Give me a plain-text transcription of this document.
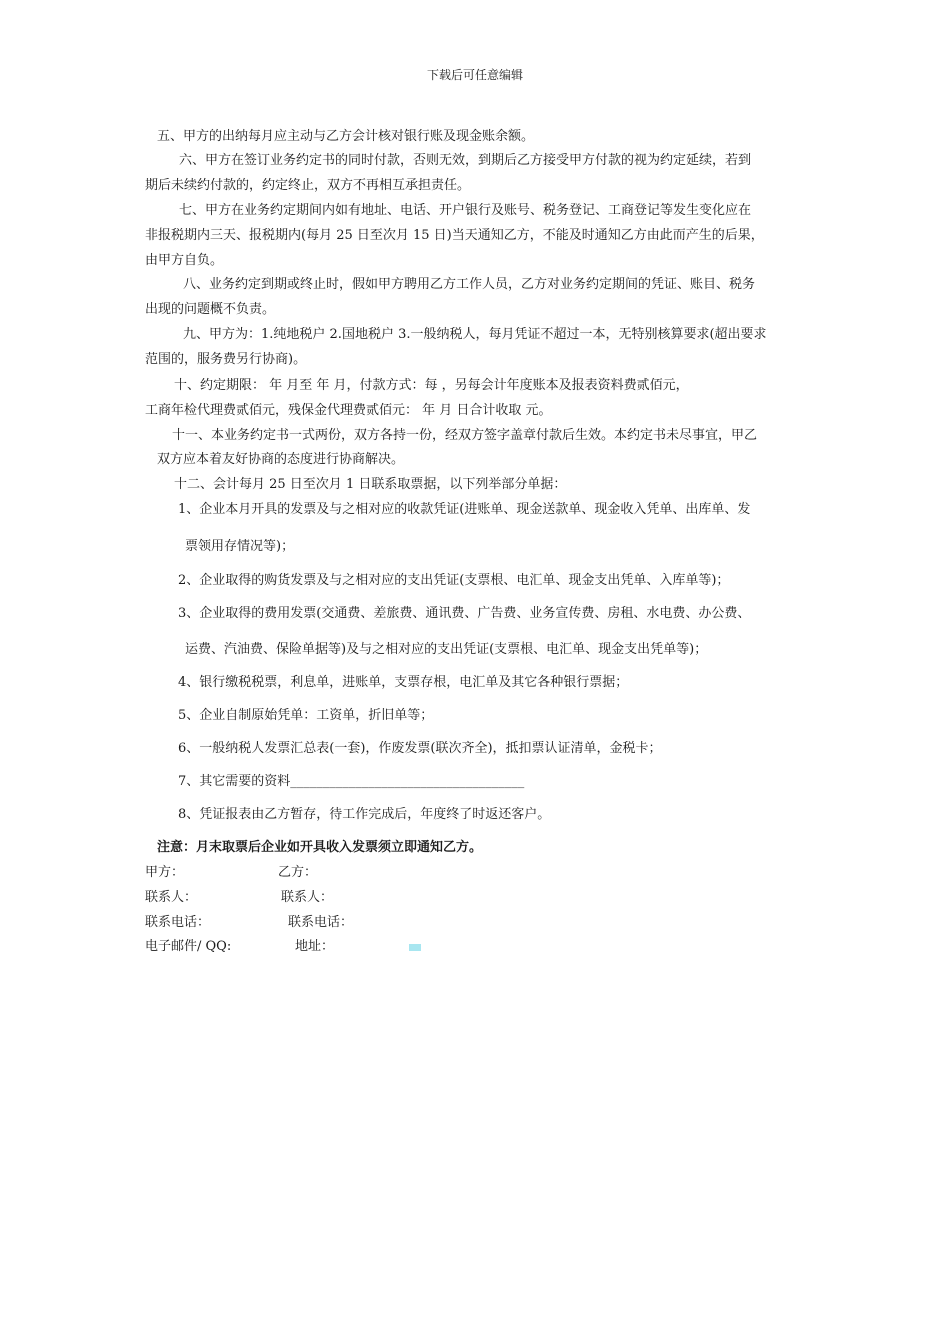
下载后可任意编辑
五、甲方的出纳每月应主动与乙方会计核对银行账及现金账余额。
六、甲方在签订业务约定书的同时付款，否则无效，到期后乙方接受甲方付款的视为约定延续，若到
期后未续约付款的，约定终止，双方不再相互承担责任。
七、甲方在业务约定期间内如有地址、电话、开户银行及账号、税务登记、工商登记等发生变化应在
非报税期内三天、报税期内(每月 25 日至次月 15 日)当天通知乙方，不能及时通知乙方由此而产生的后果，
由甲方自负。
八、业务约定到期或终止时，假如甲方聘用乙方工作人员，乙方对业务约定期间的凭证、账目、税务
出现的问题概不负责。
九、甲方为：1.纯地税户 2.国地税户 3.一般纳税人，每月凭证不超过一本，无特别核算要求(超出要求
范围的，服务费另行协商)。
十、约定期限： 年 月至 年 月，付款方式：每 ，另每会计年度账本及报表资料费贰佰元，
工商年检代理费贰佰元，残保金代理费贰佰元： 年 月 日合计收取 元。
十一、本业务约定书一式两份，双方各持一份，经双方签字盖章付款后生效。本约定书未尽事宜，甲乙
双方应本着友好协商的态度进行协商解决。
十二、会计每月 25 日至次月 1 日联系取票据，以下列举部分单据：
1、企业本月开具的发票及与之相对应的收款凭证(进账单、现金送款单、现金收入凭单、出库单、发
票领用存情况等)；
2、企业取得的购货发票及与之相对应的支出凭证(支票根、电汇单、现金支出凭单、入库单等)；
3、企业取得的费用发票(交通费、差旅费、通讯费、广告费、业务宣传费、房租、水电费、办公费、
运费、汽油费、保险单据等)及与之相对应的支出凭证(支票根、电汇单、现金支出凭单等)；
4、银行缴税税票，利息单，进账单，支票存根，电汇单及其它各种银行票据；
5、企业自制原始凭单：工资单，折旧单等；
6、一般纳税人发票汇总表(一套)，作废发票(联次齐全)，抵扣票认证清单，金税卡；
7、其它需要的资料____________________________________
8、凭证报表由乙方暂存，待工作完成后，年度终了时返还客户。
注意：月末取票后企业如开具收入发票须立即通知乙方。
甲方：	乙方：
联系人：	联系人：
联系电话：	联系电话：
电子邮件/ QQ:	地址：
